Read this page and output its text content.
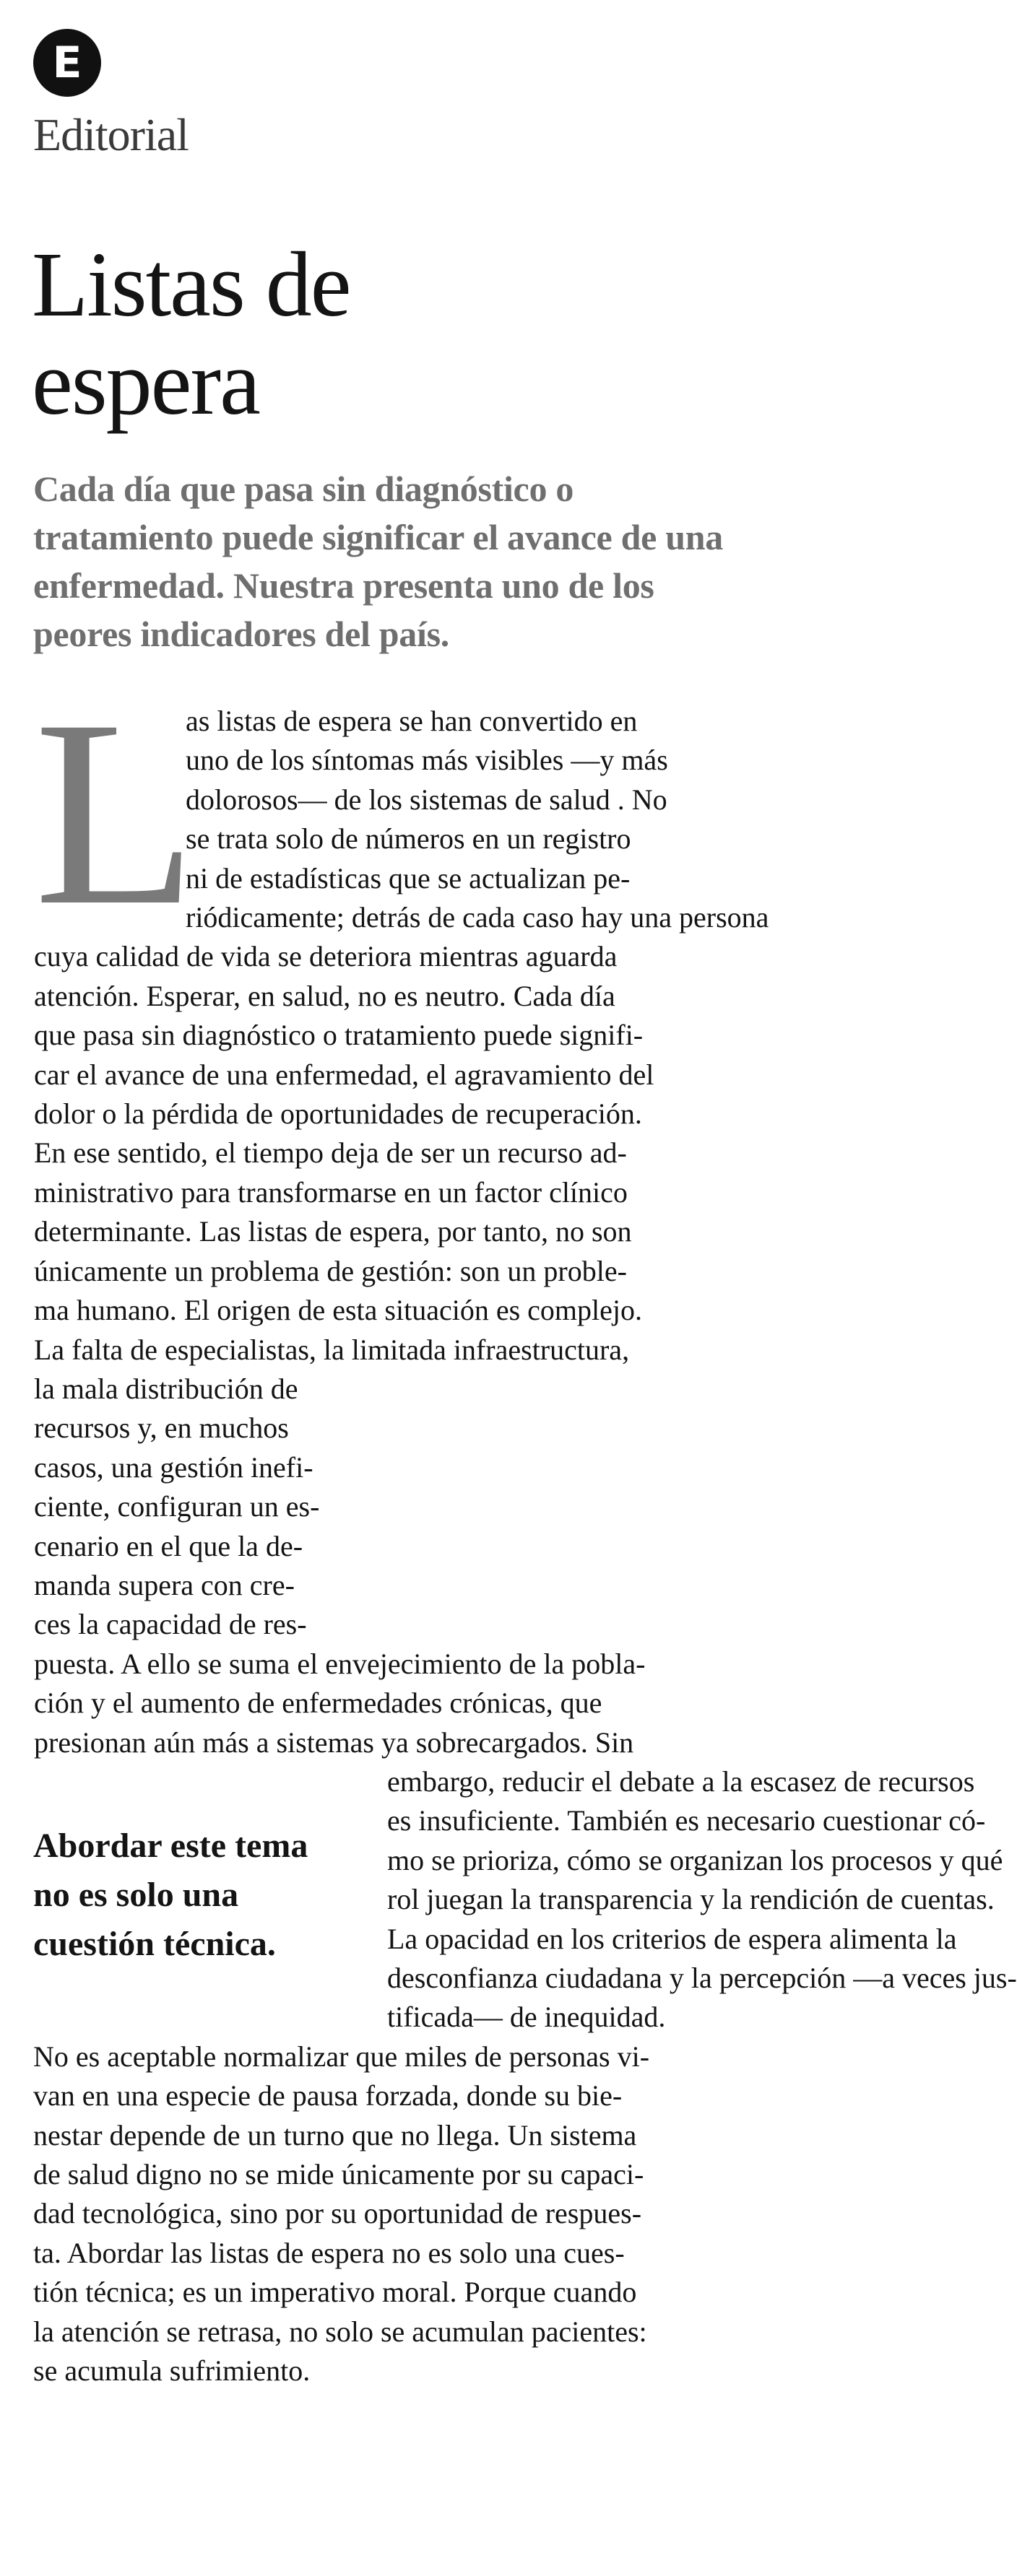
E
Editorial
Listas de
espera

Cada día que pasa sin diagnóstico o tratamiento puede significar el avance de una enfermedad. Nuestra presenta uno de los peores indicadores del país.

L
Abordar este tema
no es solo una
cuestión técnica.

as listas de espera se han convertido en
uno de los síntomas más visibles —y más
dolorosos— de los sistemas de salud . No
se trata solo de números en un registro
ni de estadísticas que se actualizan pe-
riódicamente; detrás de cada caso hay una persona
cuya calidad de vida se deteriora mientras aguarda
atención. Esperar, en salud, no es neutro. Cada día
que pasa sin diagnóstico o tratamiento puede signifi-
car el avance de una enfermedad, el agravamiento del
dolor o la pérdida de oportunidades de recuperación.
En ese sentido, el tiempo deja de ser un recurso ad-
ministrativo para transformarse en un factor clínico
determinante. Las listas de espera, por tanto, no son
únicamente un problema de gestión: son un proble-
ma humano. El origen de esta situación es complejo.
La falta de especialistas, la limitada infraestructura,
la mala distribución de
recursos y, en muchos
casos, una gestión inefi-
ciente, configuran un es-
cenario en el que la de-
manda supera con cre-
ces la capacidad de res-
puesta. A ello se suma el envejecimiento de la pobla-
ción y el aumento de enfermedades crónicas, que
presionan aún más a sistemas ya sobrecargados. Sin
embargo, reducir el debate a la escasez de recursos
es insuficiente. También es necesario cuestionar có-
mo se prioriza, cómo se organizan los procesos y qué
rol juegan la transparencia y la rendición de cuentas.
La opacidad en los criterios de espera alimenta la
desconfianza ciudadana y la percepción —a veces jus-
tificada— de inequidad.

No es aceptable normalizar que miles de personas vi-
van en una especie de pausa forzada, donde su bie-
nestar depende de un turno que no llega. Un sistema
de salud digno no se mide únicamente por su capaci-
dad tecnológica, sino por su oportunidad de respues-
ta. Abordar las listas de espera no es solo una cues-
tión técnica; es un imperativo moral. Porque cuando
la atención se retrasa, no solo se acumulan pacientes:
se acumula sufrimiento.
